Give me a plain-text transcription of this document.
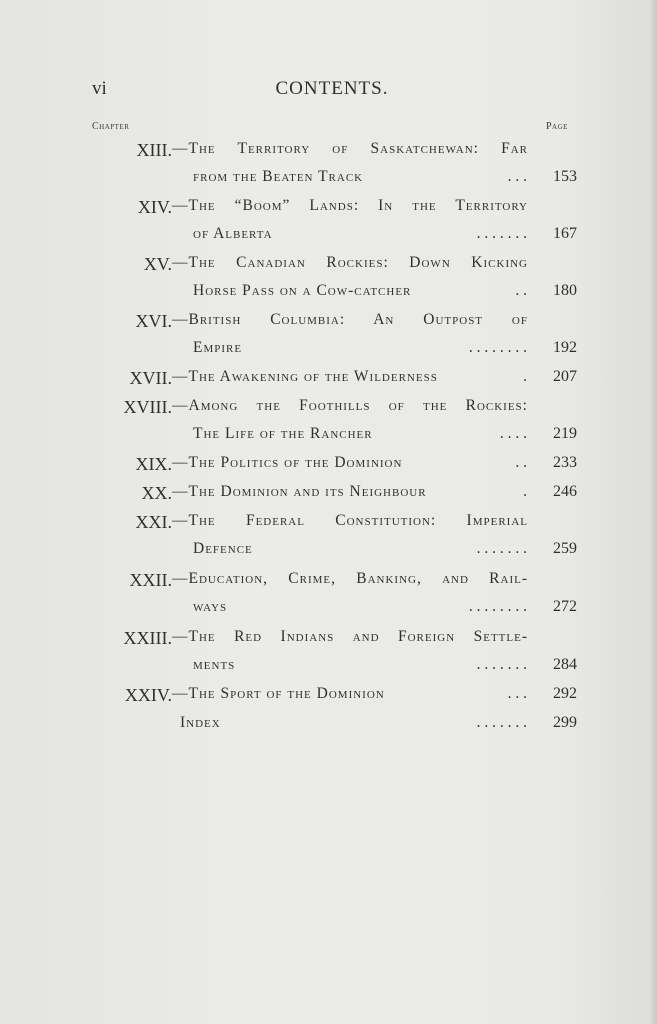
vi	CONTENTS.
Chapter	Page
XIII. —The Territory of Saskatchewan: Far
from the Beaten Track	. . . 153
XIV. —The “Boom” Lands: In the Territory
of Alberta	. . . . . . . 167
XV. —The Canadian Rockies: Down Kicking
Horse Pass on a Cow-catcher	. . 180
XVI. —British Columbia: An Outpost of
Empire	. . . . . . . . 192
XVII. —The Awakening of the Wilderness	. 207
XVIII. —Among the Foothills of the Rockies:
The Life of the Rancher	. . . . 219
XIX. —The Politics of the Dominion	. . 233
XX. —The Dominion and its Neighbour	. 246
XXI. —The Federal Constitution: Imperial
Defence	. . . . . . . 259
XXII. —Education, Crime, Banking, and Rail-
ways	. . . . . . . . 272
XXIII. —The Red Indians and Foreign Settle-
ments	. . . . . . . 284
XXIV. —The Sport of the Dominion	. . . 292
Index	. . . . . . . 299
